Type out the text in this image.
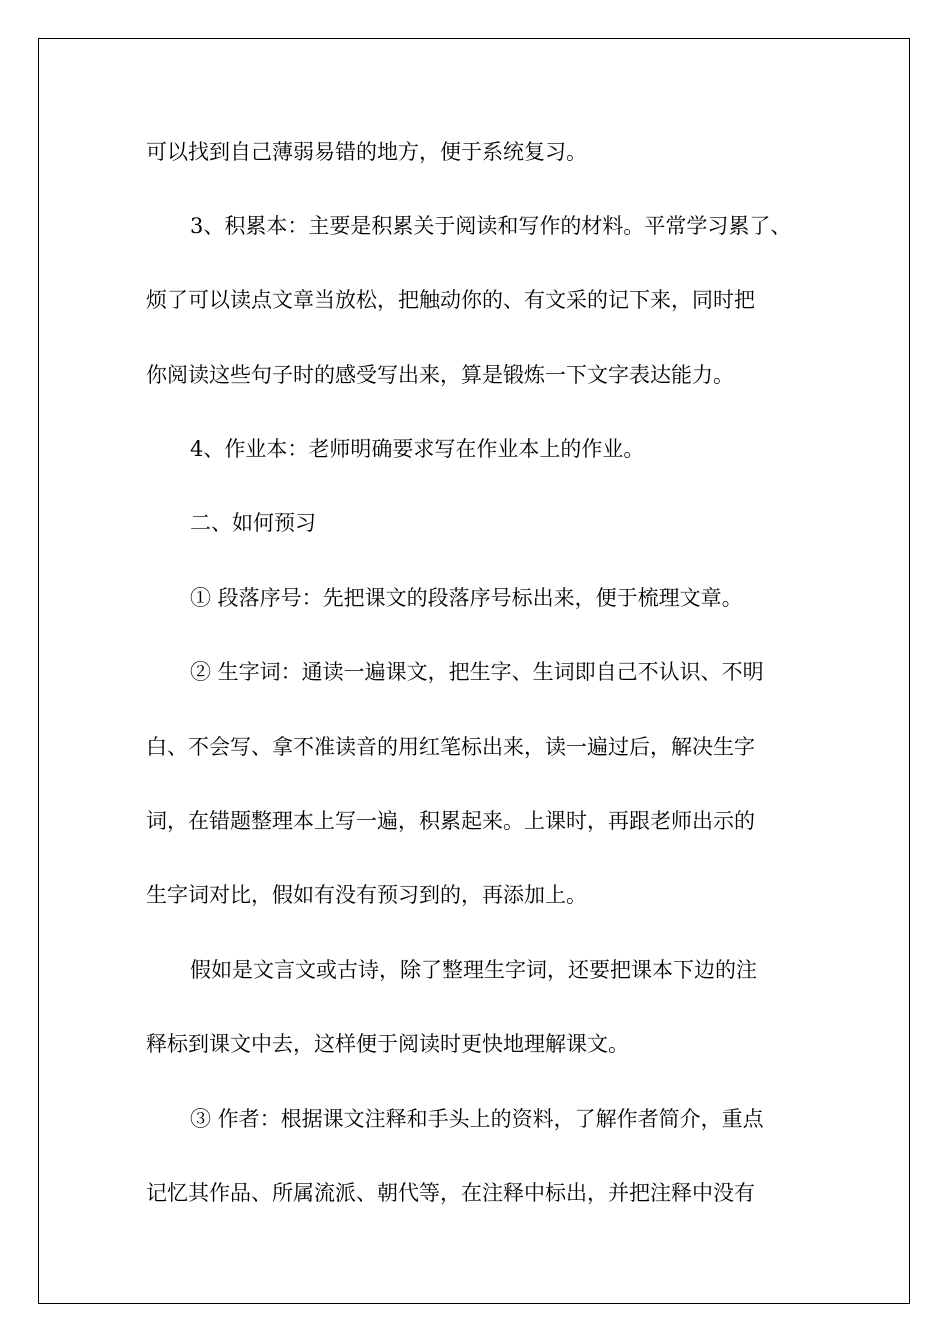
可以找到自己薄弱易错的地方，便于系统复习。
3、积累本：主要是积累关于阅读和写作的材料。平常学习累了、
烦了可以读点文章当放松，把触动你的、有文采的记下来，同时把
你阅读这些句子时的感受写出来，算是锻炼一下文字表达能力。
4、作业本：老师明确要求写在作业本上的作业。
二、如何预习
① 段落序号：先把课文的段落序号标出来，便于梳理文章。
② 生字词：通读一遍课文，把生字、生词即自己不认识、不明
白、不会写、拿不准读音的用红笔标出来，读一遍过后，解决生字
词，在错题整理本上写一遍，积累起来。上课时，再跟老师出示的
生字词对比，假如有没有预习到的，再添加上。
假如是文言文或古诗，除了整理生字词，还要把课本下边的注
释标到课文中去，这样便于阅读时更快地理解课文。
③ 作者：根据课文注释和手头上的资料，了解作者简介，重点
记忆其作品、所属流派、朝代等，在注释中标出，并把注释中没有
